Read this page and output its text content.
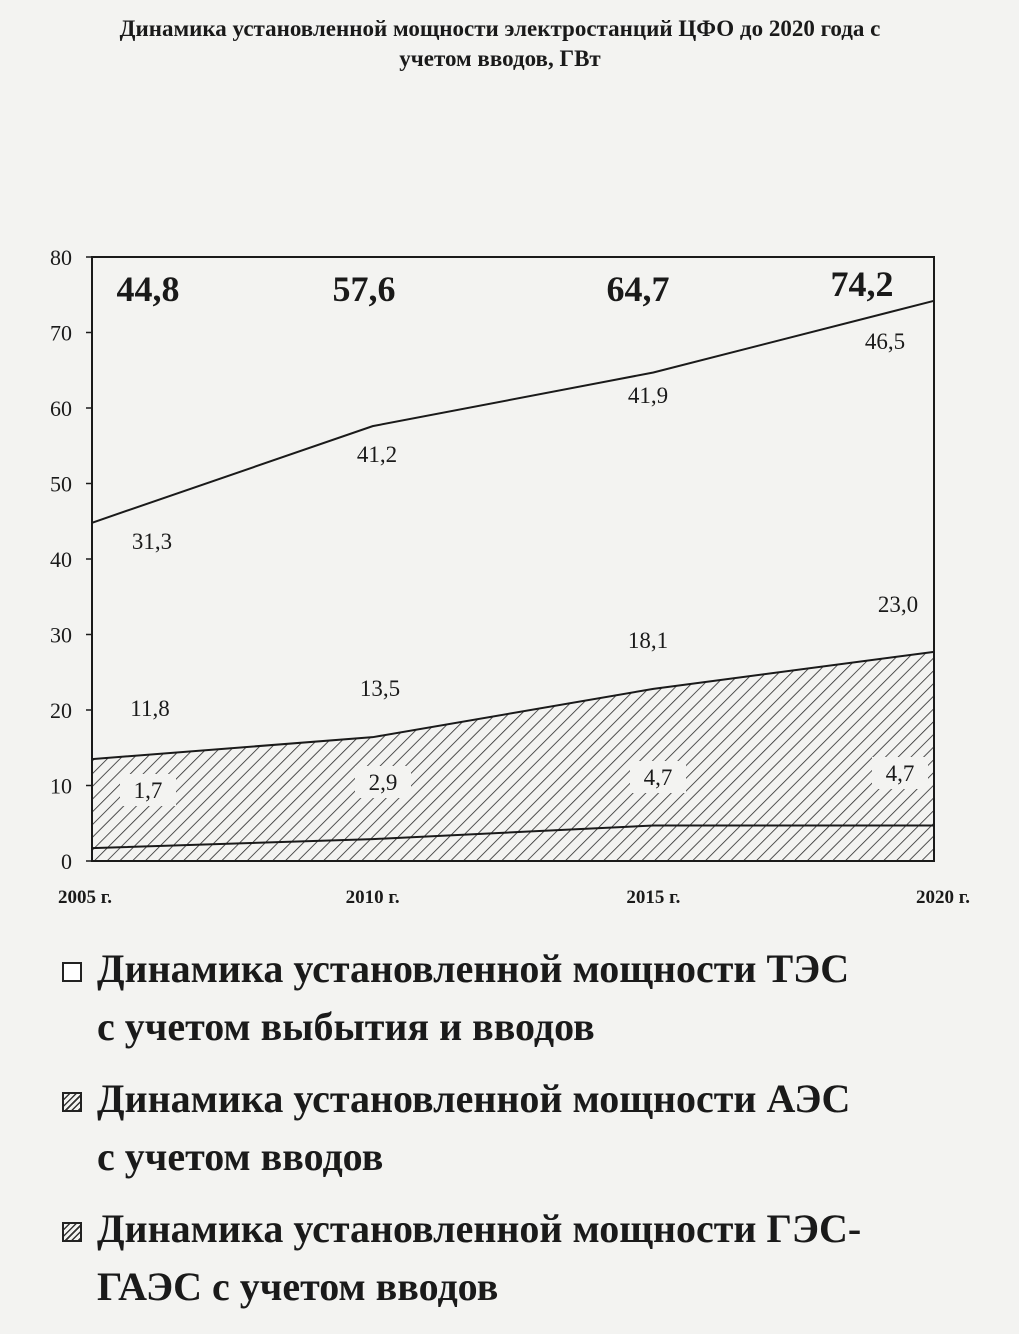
Динамика установленной мощности электростанций ЦФО до 2020 года с
учетом вводов, ГВт
0
10
20
30
40
50
60
70
80
2005 г.	2010 г.	2015 г.	2020 г.
1,7	2,9	4,7	4,7
11,8
13,5
18,1
23,0
31,3
41,2
41,9
46,5
44,8	57,6	64,7	74,2
Динамика установленной мощности ТЭС
с учетом выбытия и вводов
Динамика установленной мощности АЭС
с учетом вводов
Динамика установленной мощности ГЭС-
ГАЭС с учетом вводов
